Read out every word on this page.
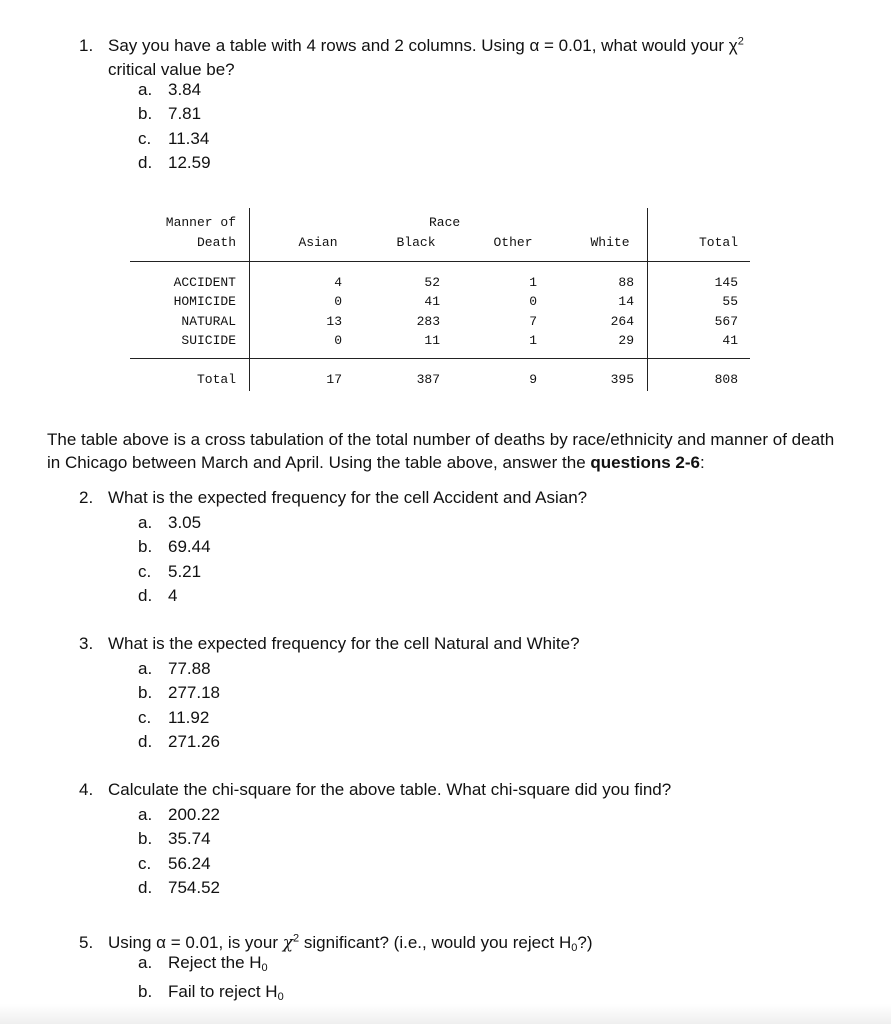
1. Say you have a table with 4 rows and 2 columns. Using α = 0.01, what would your $\chi^2$
critical value be?
a. 3.84
b. 7.81
c. 11.34
d. 12.59
Manner of
Death
Race
Asian	Black	Other	White	Total
ACCIDENT	4	52	1	88	145
HOMICIDE	0	41	0	14	55
NATURAL	13	283	7	264	567
SUICIDE	0	11	1	29	41
Total	17	387	9	395	808
The table above is a cross tabulation of the total number of deaths by race/ethnicity and manner of death in Chicago between March and April. Using the table above, answer the questions 2-6:
2. What is the expected frequency for the cell Accident and Asian?
a. 3.05
b. 69.44
c. 5.21
d. 4
3. What is the expected frequency for the cell Natural and White?
a. 77.88
b. 277.18
c. 11.92
d. 271.26
4. Calculate the chi-square for the above table. What chi-square did you find?
a. 200.22
b. 35.74
c. 56.24
d. 754.52
5. Using α = 0.01, is your $\chi^2$ significant? (i.e., would you reject $H_0$?)
a. Reject the $H_0$
b. Fail to reject $H_0$
